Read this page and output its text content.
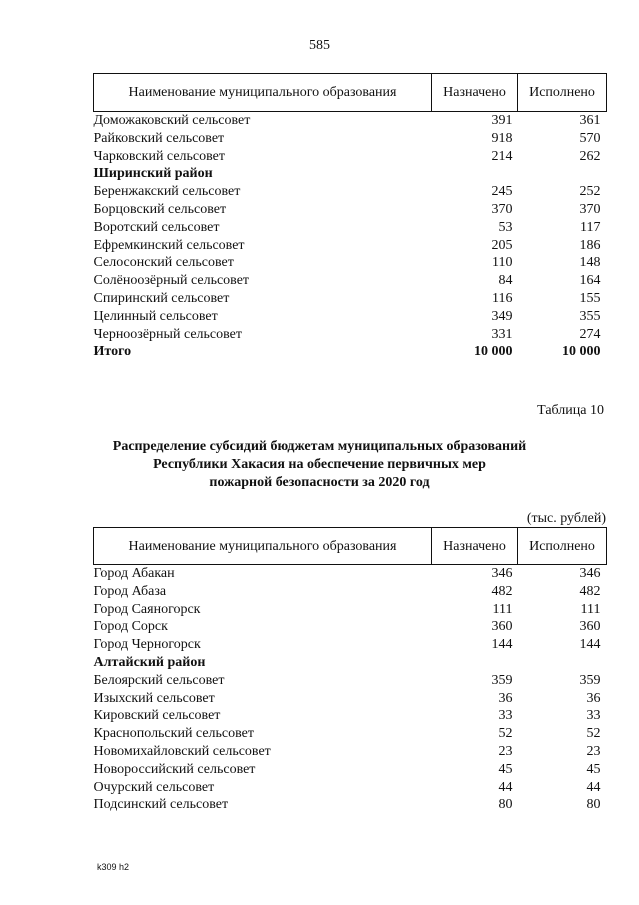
585
Наименование муниципального образования	Назначено	Исполнено
Доможаковский сельсовет	391	361
Райковский сельсовет	918	570
Чарковский сельсовет	214	262
Ширинский район		
Беренжакский сельсовет	245	252
Борцовский сельсовет	370	370
Воротский сельсовет	53	117
Ефремкинский сельсовет	205	186
Селосонский сельсовет	110	148
Солёноозёрный сельсовет	84	164
Спиринский сельсовет	116	155
Целинный сельсовет	349	355
Черноозёрный сельсовет	331	274
Итого	10 000	10 000
Таблица 10
Распределение субсидий бюджетам муниципальных образований
Республики Хакасия на обеспечение первичных мер
пожарной безопасности за 2020 год
(тыс. рублей)
Наименование муниципального образования	Назначено	Исполнено
Город Абакан	346	346
Город Абаза	482	482
Город Саяногорск	111	111
Город Сорск	360	360
Город Черногорск	144	144
Алтайский район		
Белоярский сельсовет	359	359
Изыхский сельсовет	36	36
Кировский сельсовет	33	33
Краснопольский сельсовет	52	52
Новомихайловский сельсовет	23	23
Новороссийский сельсовет	45	45
Очурский сельсовет	44	44
Подсинский сельсовет	80	80
k309 h2
